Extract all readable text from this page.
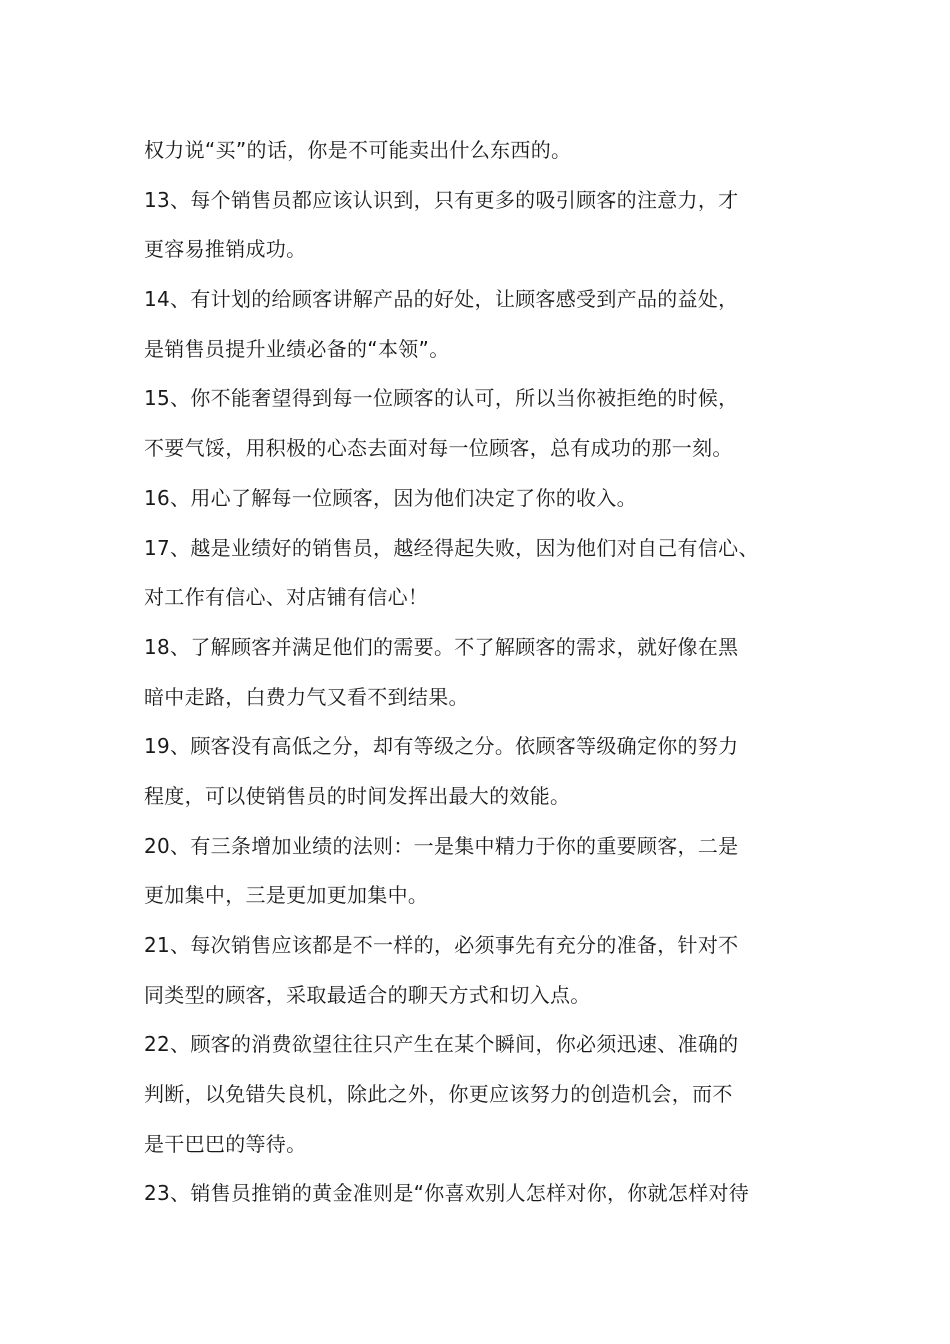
权力说“买”的话，你是不可能卖出什么东西的。
13、每个销售员都应该认识到，只有更多的吸引顾客的注意力，才
更容易推销成功。
14、有计划的给顾客讲解产品的好处，让顾客感受到产品的益处，
是销售员提升业绩必备的“本领”。
15、你不能奢望得到每一位顾客的认可，所以当你被拒绝的时候，
不要气馁，用积极的心态去面对每一位顾客，总有成功的那一刻。
16、用心了解每一位顾客，因为他们决定了你的收入。
17、越是业绩好的销售员，越经得起失败，因为他们对自己有信心、
对工作有信心、对店铺有信心！
18、了解顾客并满足他们的需要。不了解顾客的需求，就好像在黑
暗中走路，白费力气又看不到结果。
19、顾客没有高低之分，却有等级之分。依顾客等级确定你的努力
程度，可以使销售员的时间发挥出最大的效能。
20、有三条增加业绩的法则：一是集中精力于你的重要顾客，二是
更加集中，三是更加更加集中。
21、每次销售应该都是不一样的，必须事先有充分的准备，针对不
同类型的顾客，采取最适合的聊天方式和切入点。
22、顾客的消费欲望往往只产生在某个瞬间，你必须迅速、准确的
判断，以免错失良机，除此之外，你更应该努力的创造机会，而不
是干巴巴的等待。
23、销售员推销的黄金准则是“你喜欢别人怎样对你，你就怎样对待
